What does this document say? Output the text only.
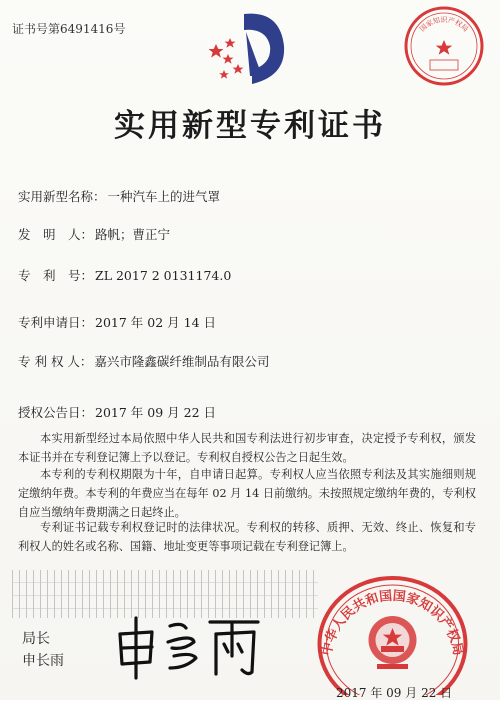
证书号第6491416号	国家知识产权局
实用新型专利证书
实用新型名称： 一种汽车上的进气罩
发　明　人： 路帆；曹正宁
专　利　号： ZL 2017 2 0131174.0
专利申请日： 2017 年 02 月 14 日
专 利 权 人： 嘉兴市隆鑫碳纤维制品有限公司
授权公告日： 2017 年 09 月 22 日
本实用新型经过本局依照中华人民共和国专利法进行初步审查，决定授予专利权，颁发本证书并在专利登记簿上予以登记。专利权自授权公告之日起生效。
本专利的专利权期限为十年，自申请日起算。专利权人应当依照专利法及其实施细则规定缴纳年费。本专利的年费应当在每年 02 月 14 日前缴纳。未按照规定缴纳年费的，专利权自应当缴纳年费期满之日起终止。
专利证书记载专利权登记时的法律状况。专利权的转移、质押、无效、终止、恢复和专利权人的姓名或名称、国籍、地址变更等事项记载在专利登记簿上。
局长
申长雨
中华人民共和国国家知识产权局
2017 年 09 月 22 日
